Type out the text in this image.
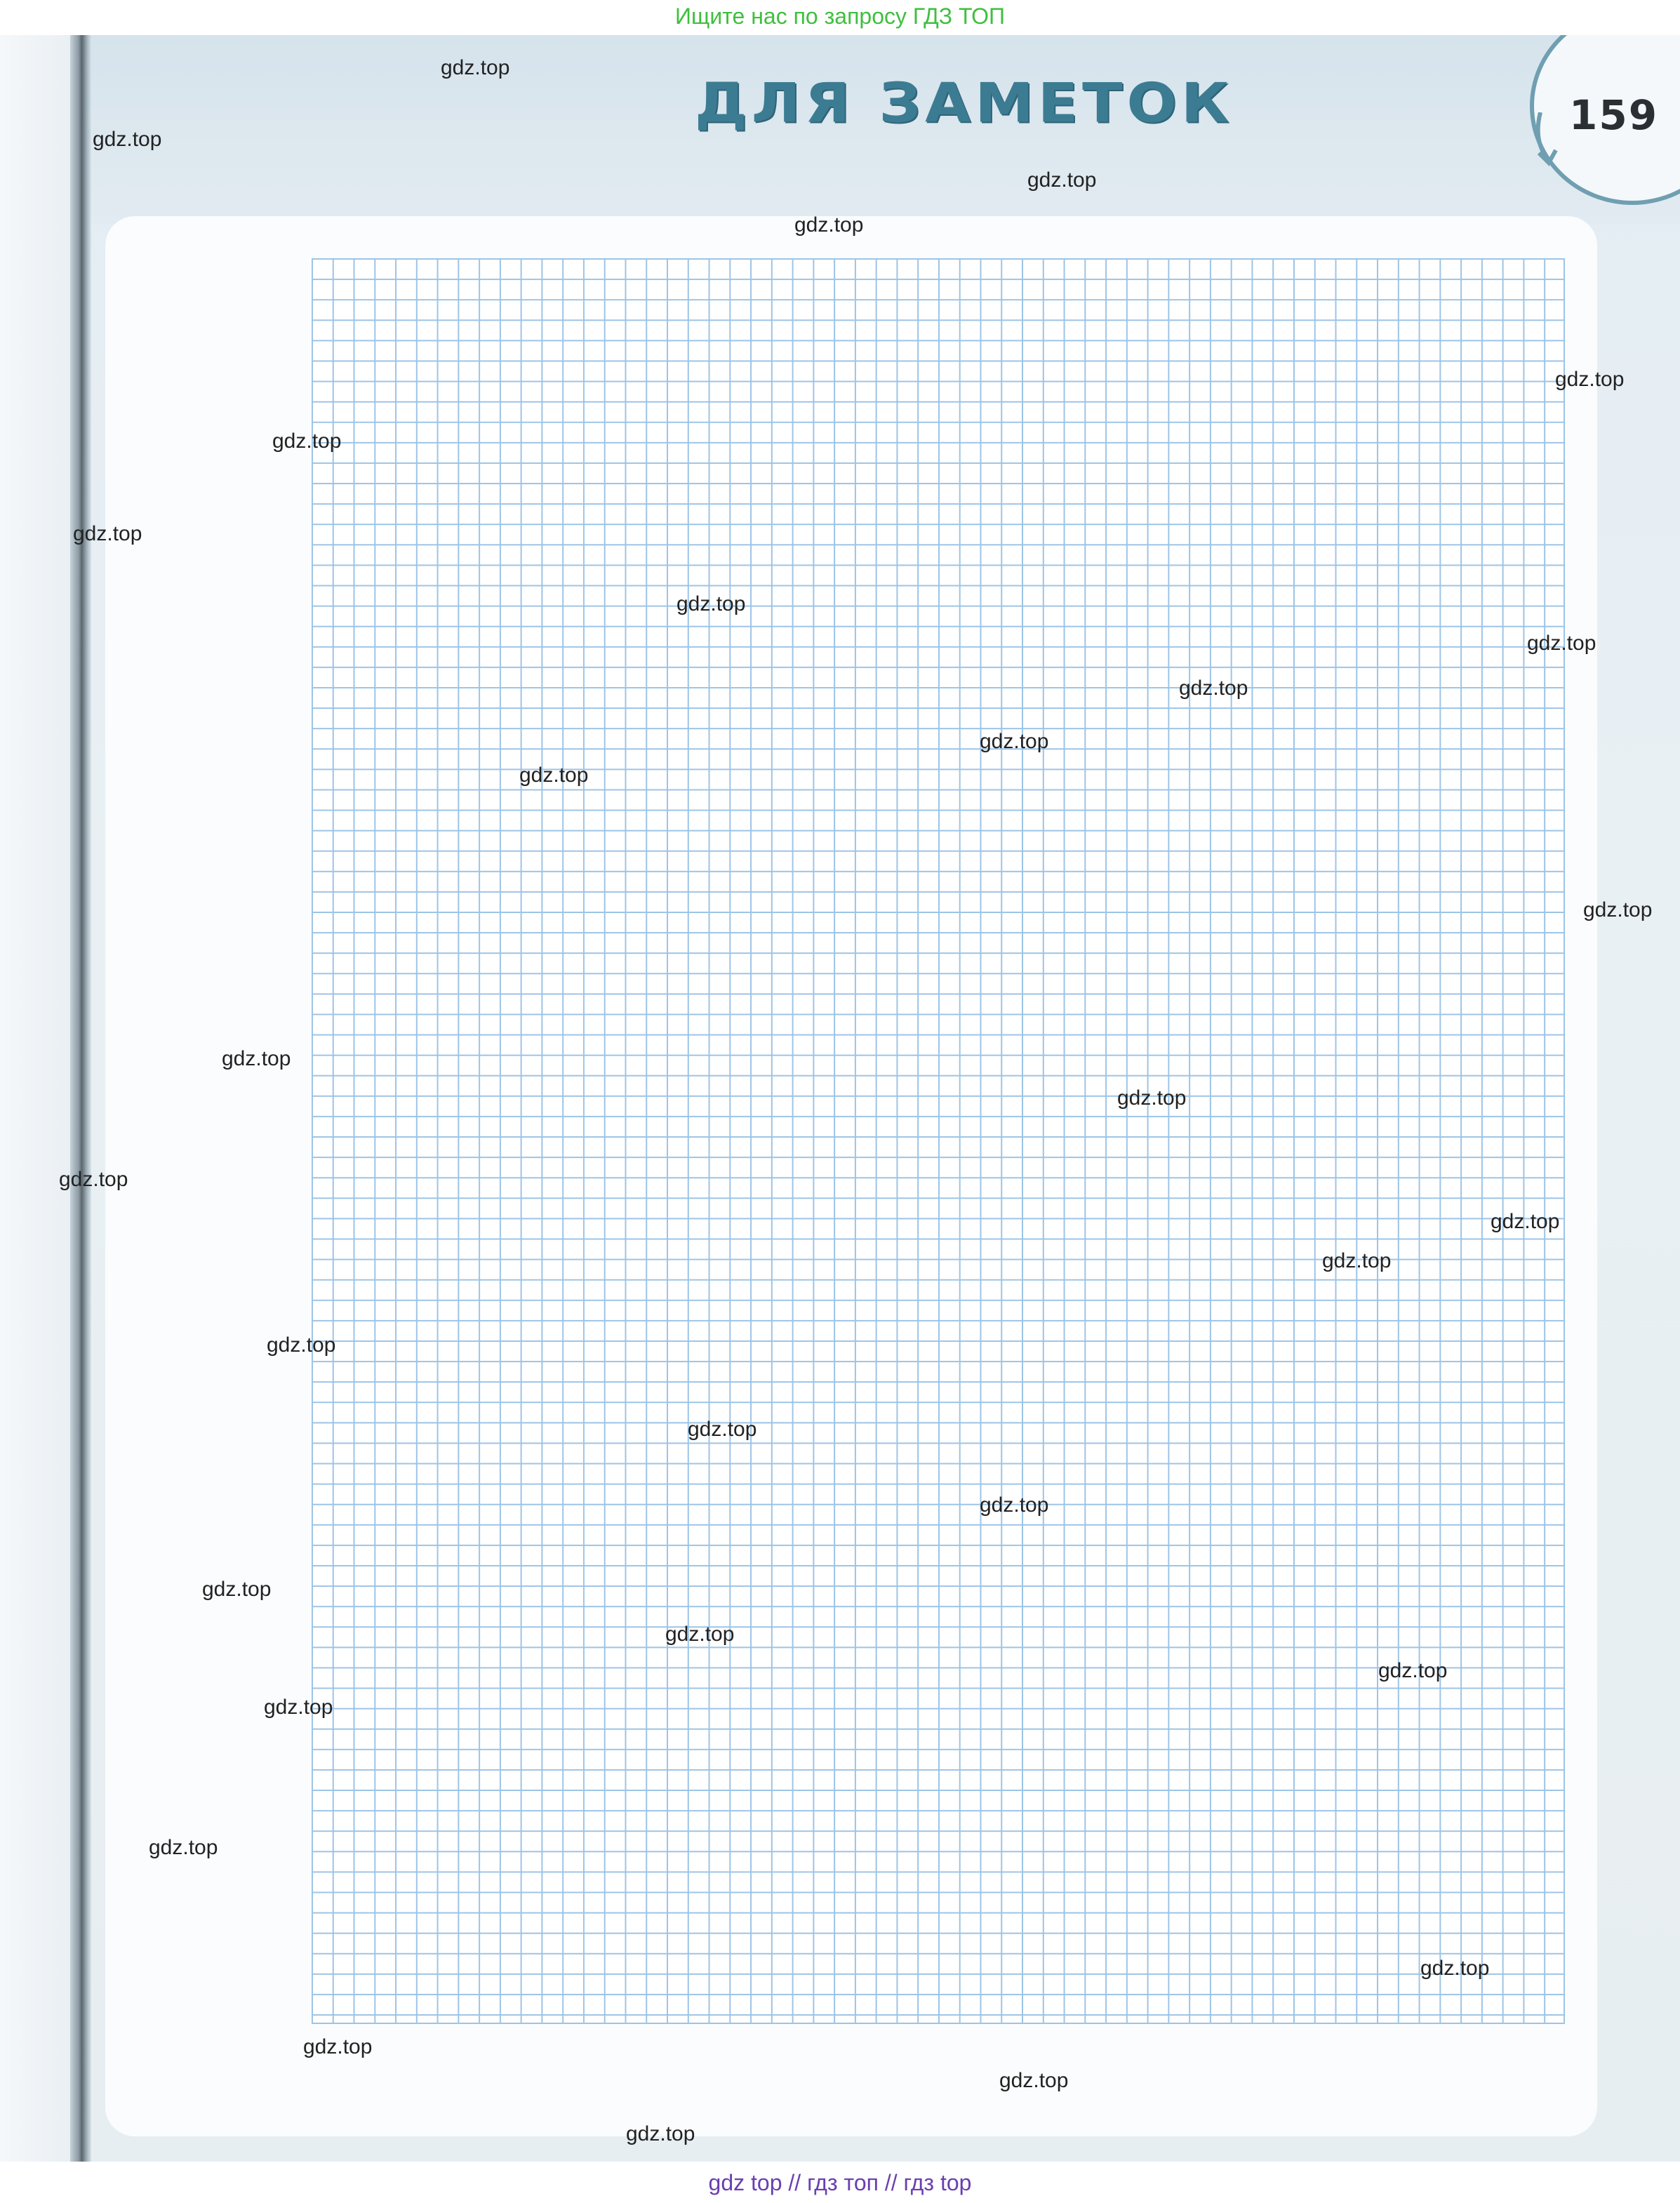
Ищите нас по запросу ГДЗ ТОП
ДЛЯ ЗАМЕТОК	159
gdz.top
gdz.top
gdz.top
gdz.top
gdz.top
gdz.top
gdz.top
gdz.top
gdz.top
gdz.top
gdz.top
gdz.top
gdz.top
gdz.top
gdz.top
gdz.top
gdz.top
gdz.top
gdz.top
gdz.top
gdz.top
gdz.top
gdz.top
gdz.top
gdz.top
gdz.top
gdz.top
gdz.top
gdz.top
gdz.top
gdz top // гдз топ // гдз top
